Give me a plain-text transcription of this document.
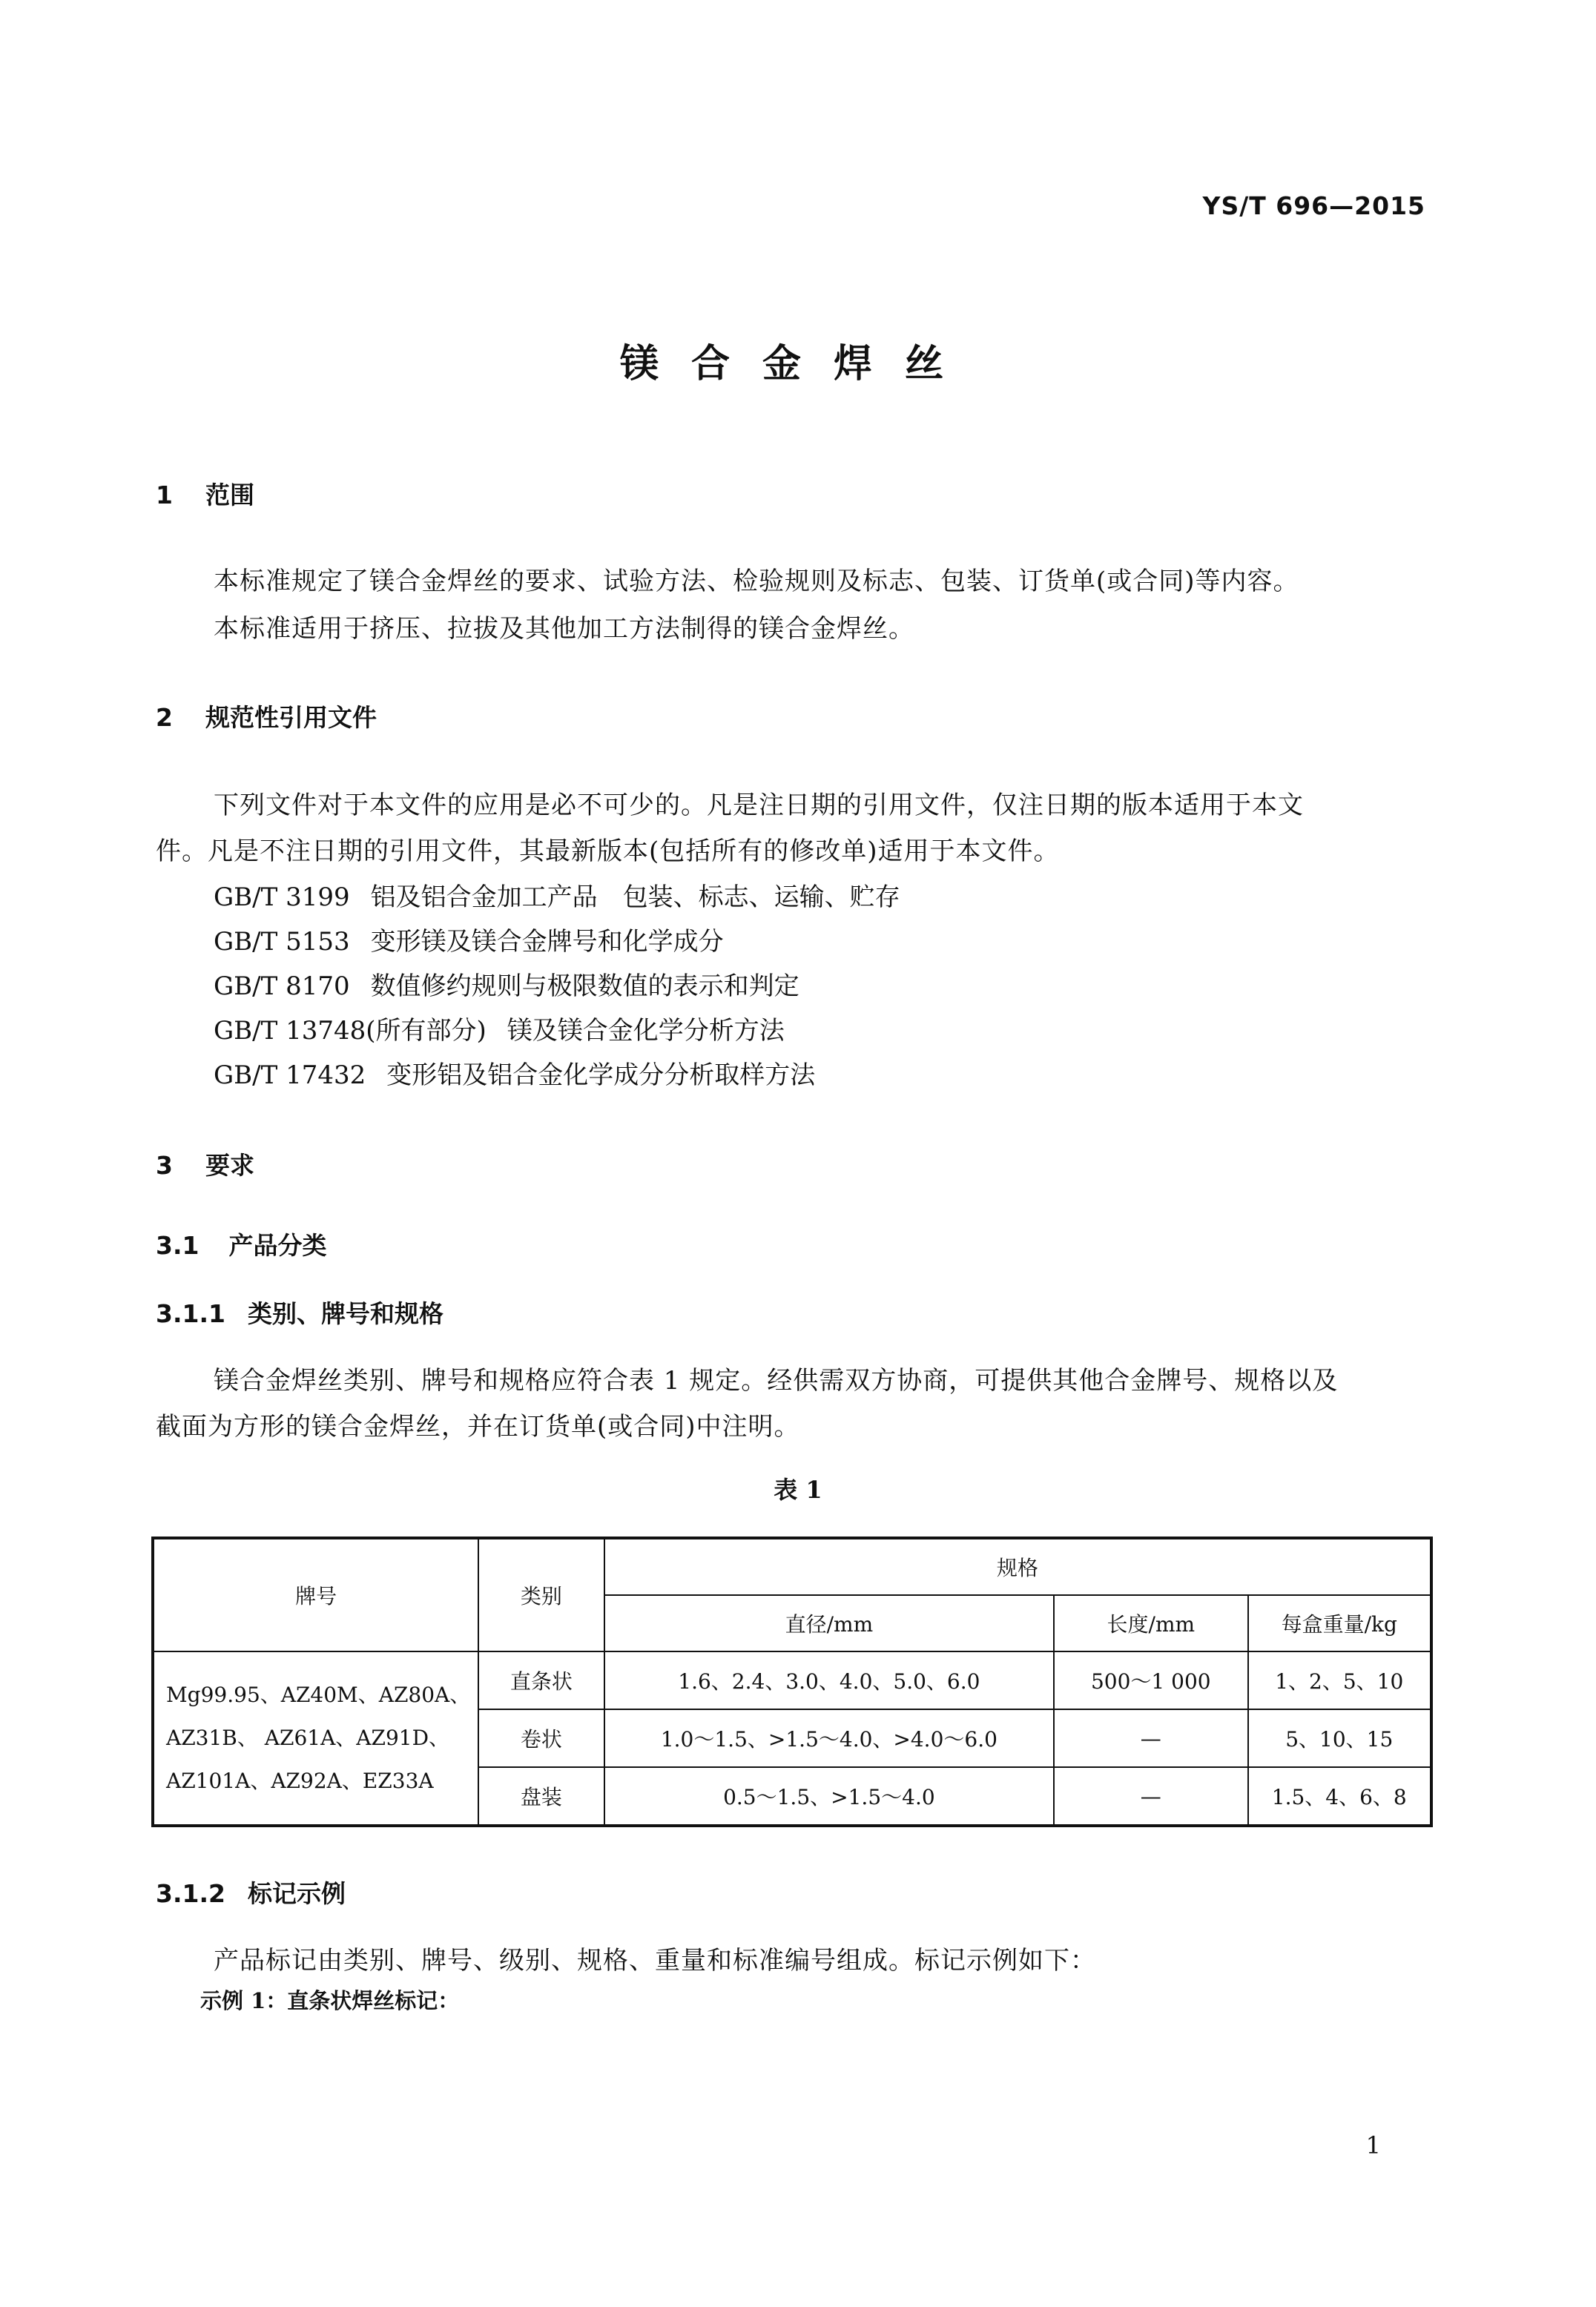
YS/T 696—2015
镁合金焊丝
1 范围
本标准规定了镁合金焊丝的要求、试验方法、检验规则及标志、包装、订货单(或合同)等内容。
本标准适用于挤压、拉拔及其他加工方法制得的镁合金焊丝。
2 规范性引用文件
下列文件对于本文件的应用是必不可少的。凡是注日期的引用文件，仅注日期的版本适用于本文
件。凡是不注日期的引用文件，其最新版本(包括所有的修改单)适用于本文件。
GB/T 3199 铝及铝合金加工产品　包装、标志、运输、贮存
GB/T 5153 变形镁及镁合金牌号和化学成分
GB/T 8170 数值修约规则与极限数值的表示和判定
GB/T 13748(所有部分) 镁及镁合金化学分析方法
GB/T 17432 变形铝及铝合金化学成分分析取样方法
3 要求
3.1 产品分类
3.1.1 类别、牌号和规格
镁合金焊丝类别、牌号和规格应符合表 1 规定。经供需双方协商，可提供其他合金牌号、规格以及
截面为方形的镁合金焊丝，并在订货单(或合同)中注明。
表 1
牌号	类别	规格		
		直径/mm	长度/mm	每盒重量/kg

Mg99.95、AZ40M、AZ80A、
AZ31B、 AZ61A、AZ91D、
AZ101A、AZ92A、EZ33A	直条状	1.6、2.4、3.0、4.0、5.0、6.0	500～1 000	1、2、5、10
	卷状	1.0～1.5、>1.5～4.0、>4.0～6.0	—	5、10、15
	盘装	0.5～1.5、>1.5～4.0	—	1.5、4、6、8
3.1.2 标记示例
产品标记由类别、牌号、级别、规格、重量和标准编号组成。标记示例如下：
示例 1：直条状焊丝标记：
1
